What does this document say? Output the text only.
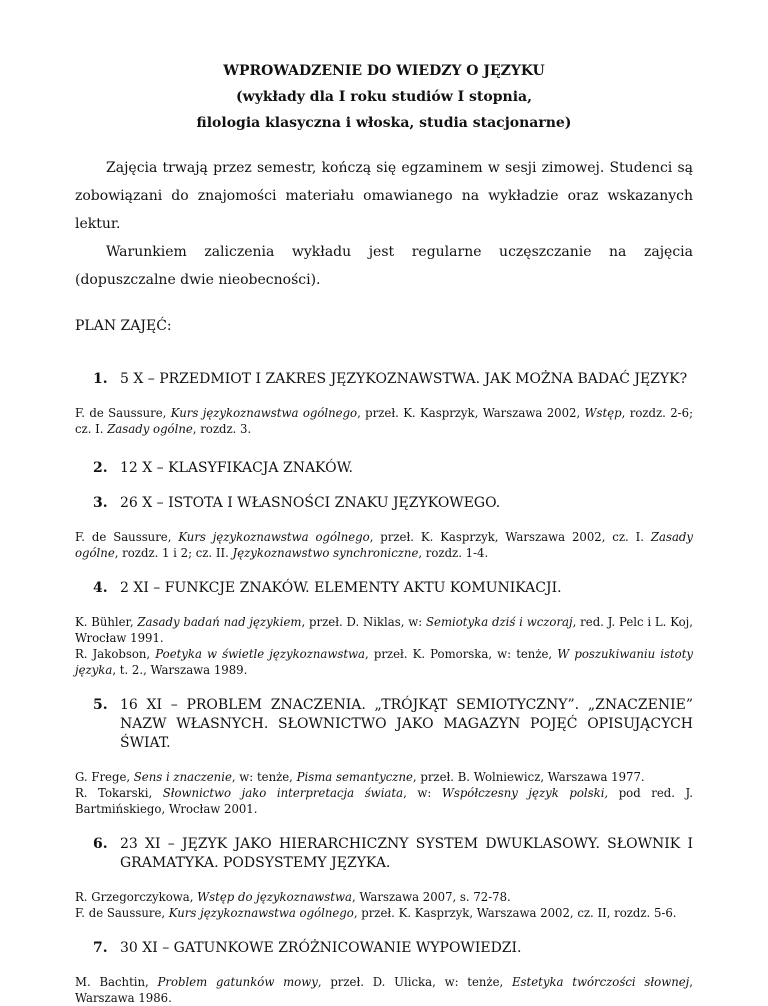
WPROWADZENIE DO WIEDZY O JĘZYKU
(wykłady dla I roku studiów I stopnia,
filologia klasyczna i włoska, studia stacjonarne)

Zajęcia trwają przez semestr, kończą się egzaminem w sesji zimowej. Studenci są zobowiązani do znajomości materiału omawianego na wykładzie oraz wskazanych lektur.

Warunkiem zaliczenia wykładu jest regularne uczęszczanie na zajęcia (dopuszczalne dwie nieobecności).

PLAN ZAJĘĆ:
1. 5 X – PRZEDMIOT I ZAKRES JĘZYKOZNAWSTWA. JAK MOŻNA BADAĆ JĘZYK?

F. de Saussure, Kurs językoznawstwa ogólnego, przeł. K. Kasprzyk, Warszawa 2002, Wstęp, rozdz. 2-6; cz. I. Zasady ogólne, rozdz. 3.

2. 12 X – KLASYFIKACJA ZNAKÓW.
3. 26 X – ISTOTA I WŁASNOŚCI ZNAKU JĘZYKOWEGO.

F. de Saussure, Kurs językoznawstwa ogólnego, przeł. K. Kasprzyk, Warszawa 2002, cz. I. Zasady ogólne, rozdz. 1 i 2; cz. II. Językoznawstwo synchroniczne, rozdz. 1-4.

4. 2 XI – FUNKCJE ZNAKÓW. ELEMENTY AKTU KOMUNIKACJI.

K. Bühler, Zasady badań nad językiem, przeł. D. Niklas, w: Semiotyka dziś i wczoraj, red. J. Pelc i L. Koj, Wrocław 1991.

R. Jakobson, Poetyka w świetle językoznawstwa, przeł. K. Pomorska, w: tenże, W poszukiwaniu istoty języka, t. 2., Warszawa 1989.

5. 16 XI – PROBLEM ZNACZENIA. „TRÓJKĄT SEMIOTYCZNY”. „ZNACZENIE” NAZW WŁASNYCH. SŁOWNICTWO JAKO MAGAZYN POJĘĆ OPISUJĄCYCH ŚWIAT.

G. Frege, Sens i znaczenie, w: tenże, Pisma semantyczne, przeł. B. Wolniewicz, Warszawa 1977.

R. Tokarski, Słownictwo jako interpretacja świata, w: Współczesny język polski, pod red. J. Bartmińskiego, Wrocław 2001.

6. 23 XI – JĘZYK JAKO HIERARCHICZNY SYSTEM DWUKLASOWY. SŁOWNIK I GRAMATYKA. PODSYSTEMY JĘZYKA.

R. Grzegorczykowa, Wstęp do językoznawstwa, Warszawa 2007, s. 72-78.

F. de Saussure, Kurs językoznawstwa ogólnego, przeł. K. Kasprzyk, Warszawa 2002, cz. II, rozdz. 5-6.

7. 30 XI – GATUNKOWE ZRÓŻNICOWANIE WYPOWIEDZI.

M. Bachtin, Problem gatunków mowy, przeł. D. Ulicka, w: tenże, Estetyka twórczości słownej, Warszawa 1986.
